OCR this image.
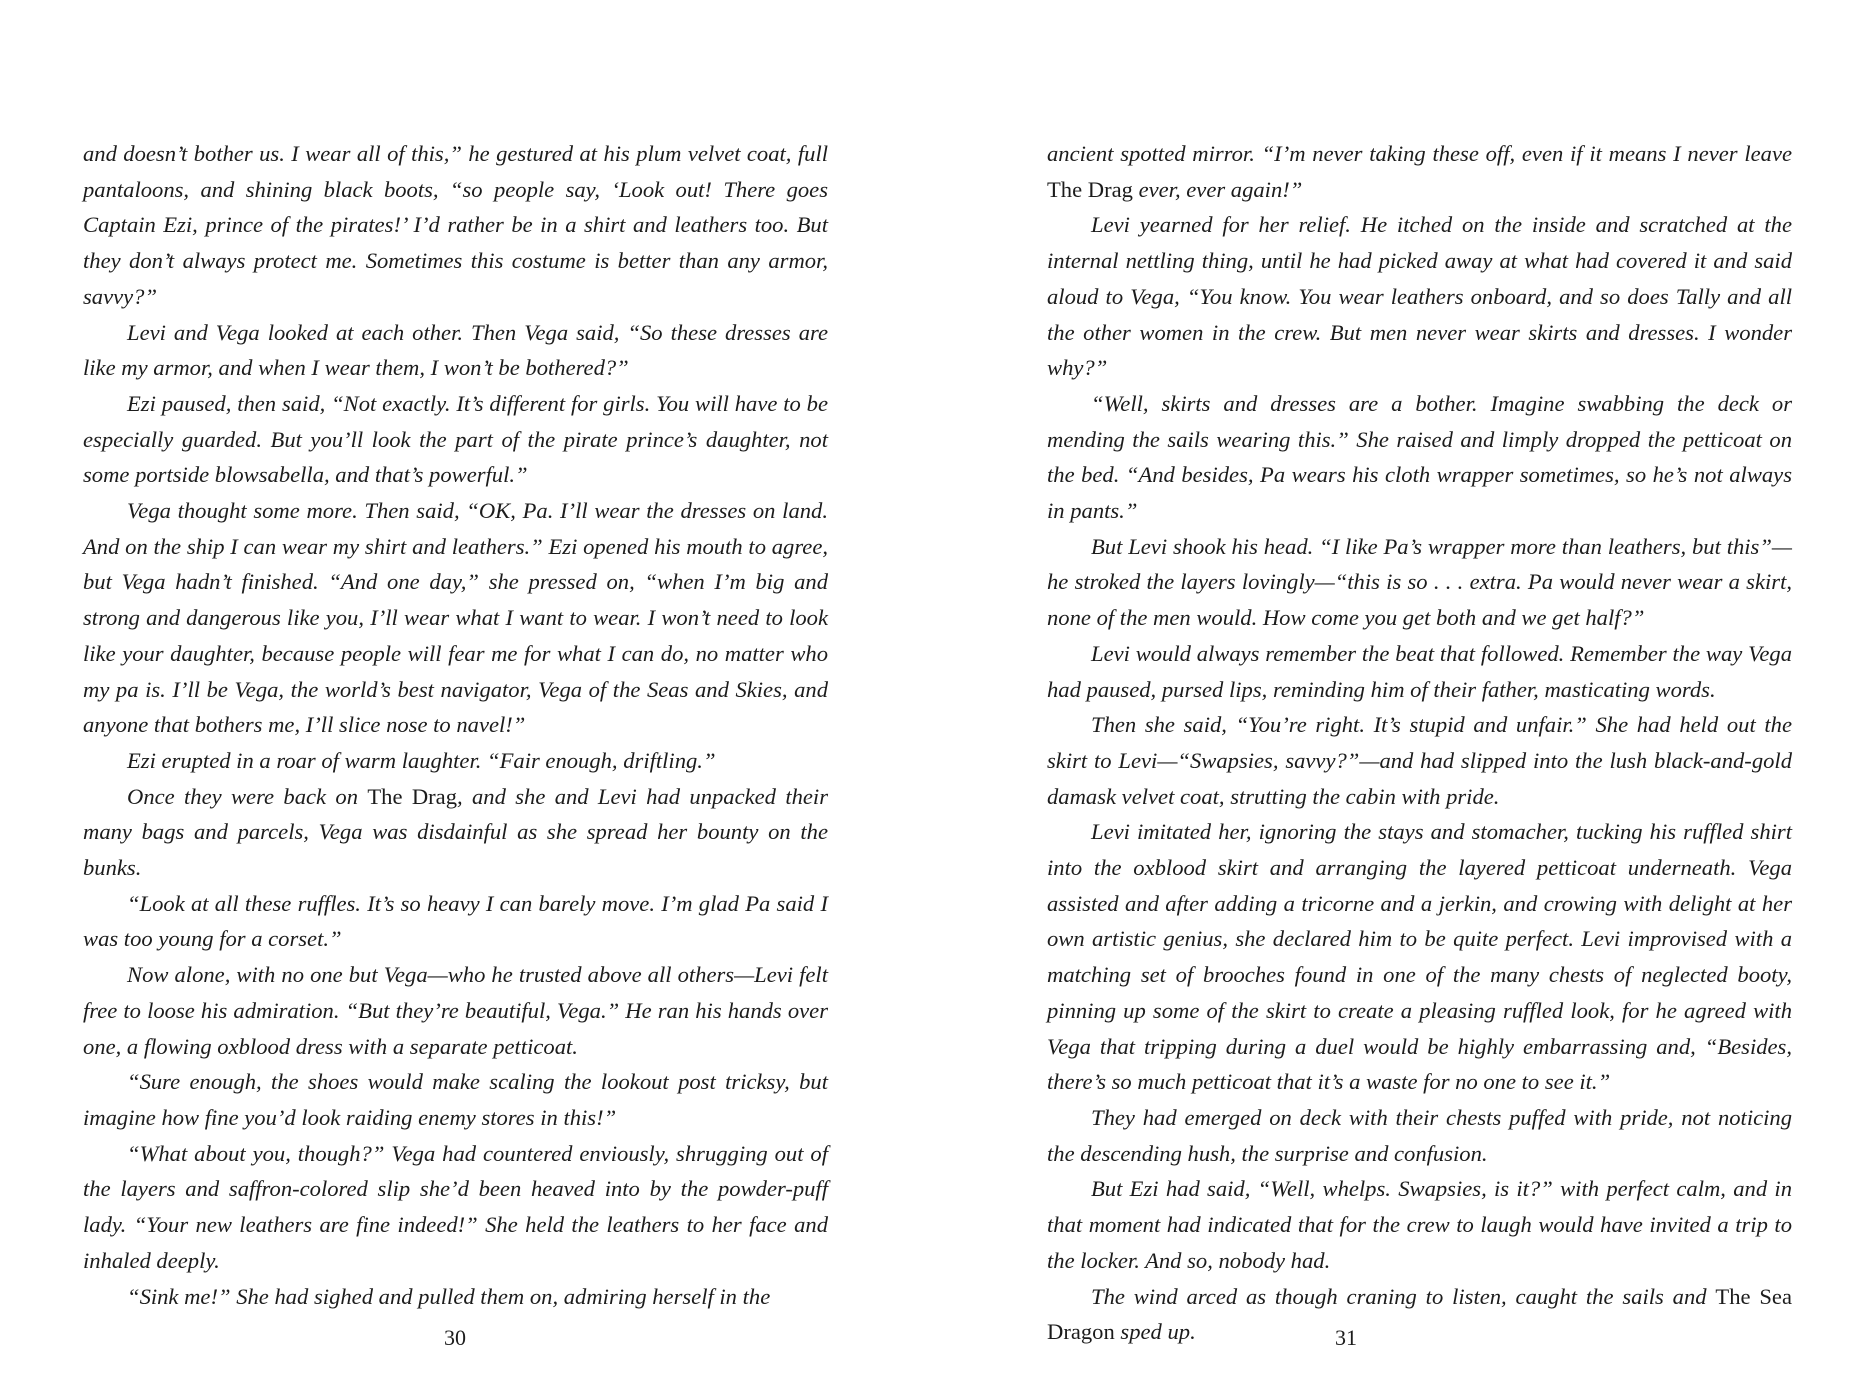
and doesn’t bother us. I wear all of this,” he gestured at his plum velvet coat, full pantaloons, and shining black boots, “so people say, ‘Look out! There goes Captain Ezi, prince of the pirates!’ I’d rather be in a shirt and leathers too. But they don’t always protect me. Sometimes this costume is better than any armor, savvy?”

Levi and Vega looked at each other. Then Vega said, “So these dresses are like my armor, and when I wear them, I won’t be bothered?”

Ezi paused, then said, “Not exactly. It’s different for girls. You will have to be especially guarded. But you’ll look the part of the pirate prince’s daughter, not some portside blowsabella, and that’s powerful.”

Vega thought some more. Then said, “OK, Pa. I’ll wear the dresses on land. And on the ship I can wear my shirt and leathers.” Ezi opened his mouth to agree, but Vega hadn’t finished. “And one day,” she pressed on, “when I’m big and strong and dangerous like you, I’ll wear what I want to wear. I won’t need to look like your daughter, because people will fear me for what I can do, no matter who my pa is. I’ll be Vega, the world’s best navigator, Vega of the Seas and Skies, and anyone that bothers me, I’ll slice nose to navel!”

Ezi erupted in a roar of warm laughter. “Fair enough, driftling.”

Once they were back on The Drag, and she and Levi had unpacked their many bags and parcels, Vega was disdainful as she spread her bounty on the bunks.

“Look at all these ruffles. It’s so heavy I can barely move. I’m glad Pa said I was too young for a corset.”

Now alone, with no one but Vega—who he trusted above all others—Levi felt free to loose his admiration. “But they’re beautiful, Vega.” He ran his hands over one, a flowing oxblood dress with a separate petticoat.

“Sure enough, the shoes would make scaling the lookout post tricksy, but imagine how fine you’d look raiding enemy stores in this!”

“What about you, though?” Vega had countered enviously, shrugging out of the layers and saffron-colored slip she’d been heaved into by the powder-puff lady. “Your new leathers are fine indeed!” She held the leathers to her face and inhaled deeply.

“Sink me!” She had sighed and pulled them on, admiring herself in the

30

ancient spotted mirror. “I’m never taking these off, even if it means I never leave The Drag ever, ever again!”

Levi yearned for her relief. He itched on the inside and scratched at the internal nettling thing, until he had picked away at what had covered it and said aloud to Vega, “You know. You wear leathers onboard, and so does Tally and all the other women in the crew. But men never wear skirts and dresses. I wonder why?”

“Well, skirts and dresses are a bother. Imagine swabbing the deck or mending the sails wearing this.” She raised and limply dropped the petticoat on the bed. “And besides, Pa wears his cloth wrapper sometimes, so he’s not always in pants.”

But Levi shook his head. “I like Pa’s wrapper more than leathers, but this”—he stroked the layers lovingly—“this is so . . . extra. Pa would never wear a skirt, none of the men would. How come you get both and we get half?”

Levi would always remember the beat that followed. Remember the way Vega had paused, pursed lips, reminding him of their father, masticating words.

Then she said, “You’re right. It’s stupid and unfair.” She had held out the skirt to Levi—“Swapsies, savvy?”—and had slipped into the lush black-and-gold damask velvet coat, strutting the cabin with pride.

Levi imitated her, ignoring the stays and stomacher, tucking his ruffled shirt into the oxblood skirt and arranging the layered petticoat underneath. Vega assisted and after adding a tricorne and a jerkin, and crowing with delight at her own artistic genius, she declared him to be quite perfect. Levi improvised with a matching set of brooches found in one of the many chests of neglected booty, pinning up some of the skirt to create a pleasing ruffled look, for he agreed with Vega that tripping during a duel would be highly embarrassing and, “Besides, there’s so much petticoat that it’s a waste for no one to see it.”

They had emerged on deck with their chests puffed with pride, not noticing the descending hush, the surprise and confusion.

But Ezi had said, “Well, whelps. Swapsies, is it?” with perfect calm, and in that moment had indicated that for the crew to laugh would have invited a trip to the locker. And so, nobody had.

The wind arced as though craning to listen, caught the sails and The Sea Dragon sped up.	31
